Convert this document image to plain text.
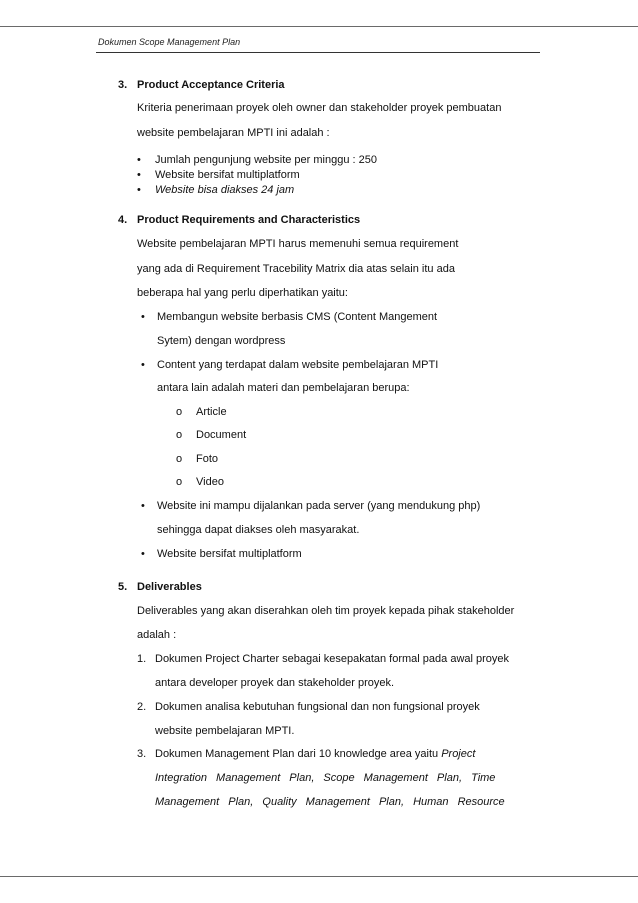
Dokumen Scope Management Plan
3. Product Acceptance Criteria
Kriteria penerimaan proyek oleh owner dan stakeholder proyek pembuatan
website pembelajaran MPTI ini adalah :
• Jumlah pengunjung website per minggu : 250
• Website bersifat multiplatform
• Website bisa diakses 24 jam
4. Product Requirements and Characteristics
Website pembelajaran MPTI harus memenuhi semua requirement
yang ada di Requirement Tracebility Matrix dia atas selain itu ada
beberapa hal yang perlu diperhatikan yaitu:
• Membangun website berbasis CMS (Content Mangement
Sytem) dengan wordpress
• Content yang terdapat dalam website pembelajaran MPTI
antara lain adalah materi dan pembelajaran berupa:
o Article
o Document
o Foto
o Video
• Website ini mampu dijalankan pada server (yang mendukung php)
sehingga dapat diakses oleh masyarakat.
• Website bersifat multiplatform
5. Deliverables
Deliverables yang akan diserahkan oleh tim proyek kepada pihak stakeholder
adalah :
1. Dokumen Project Charter sebagai kesepakatan formal pada awal proyek
antara developer proyek dan stakeholder proyek.
2. Dokumen analisa kebutuhan fungsional dan non fungsional proyek
website pembelajaran MPTI.
3. Dokumen Management Plan dari 10 knowledge area yaitu Project
Integration Management Plan, Scope Management Plan, Time
Management Plan, Quality Management Plan, Human Resource
